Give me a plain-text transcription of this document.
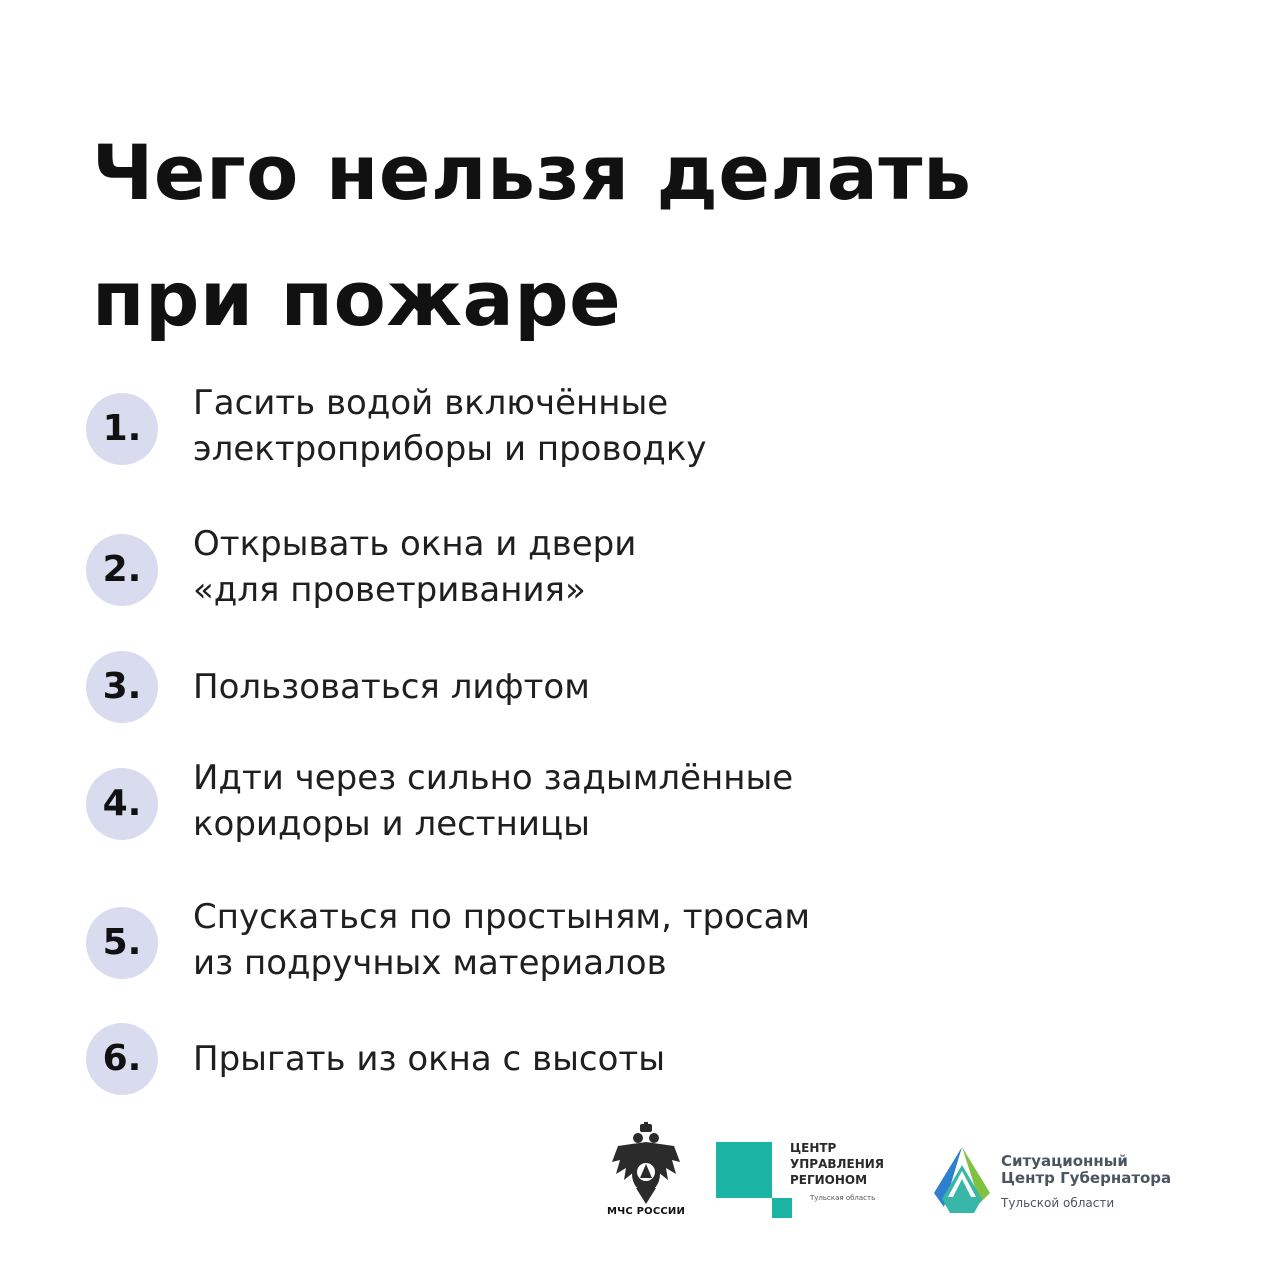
Чего нельзя делать
при пожаре
1.
Гасить водой включённые
электроприборы и проводку
2.
Открывать окна и двери
«для проветривания»
3.	Пользоваться лифтом
4.
Идти через сильно задымлённые
коридоры и лестницы
5.
Спускаться по простыням, тросам
из подручных материалов
6.	Прыгать из окна с высоты
МЧС РОССИИ
ЦЕНТР
УПРАВЛЕНИЯ
РЕГИОНОМ
Тульская область
Ситуационный
Центр Губернатора
Тульской области
